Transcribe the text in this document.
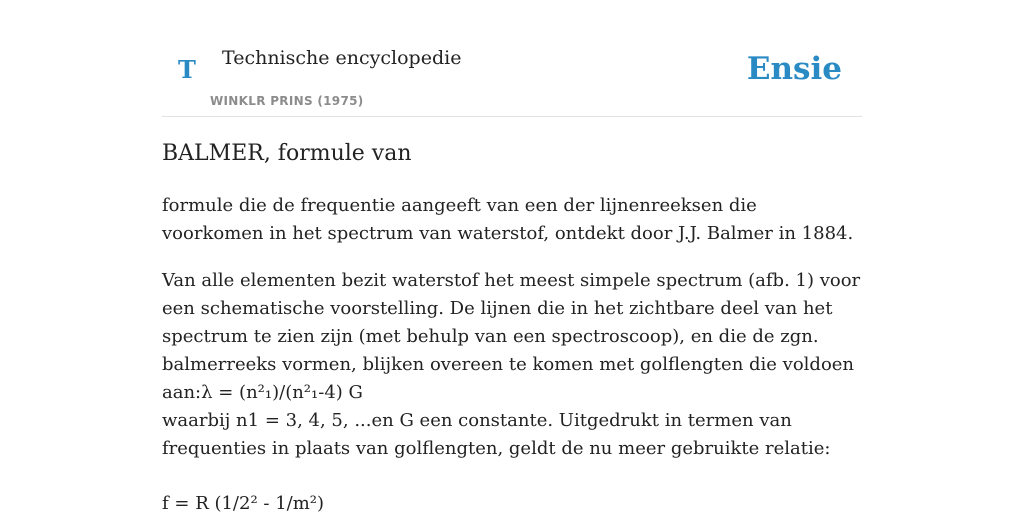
T Technische encyclopedie
WINKLR PRINS (1975)
Ensie
BALMER, formule van

formule die de frequentie aangeeft van een der lijnenreeksen die voorkomen in het spectrum van waterstof, ontdekt door J.J. Balmer in 1884.

Van alle elementen bezit waterstof het meest simpele spectrum (afb. 1) voor een schematische voorstelling. De lijnen die in het zichtbare deel van het spectrum te zien zijn (met behulp van een spectroscoop), en die de zgn. balmerreeks vormen, blijken overeen te komen met golflengten die voldoen aan:λ = (n²₁)/(n²₁-4) G

waarbij n1 = 3, 4, 5, ...en G een constante. Uitgedrukt in termen van frequenties in plaats van golflengten, geldt de nu meer gebruikte relatie:

f = R (1/2² - 1/m²)
